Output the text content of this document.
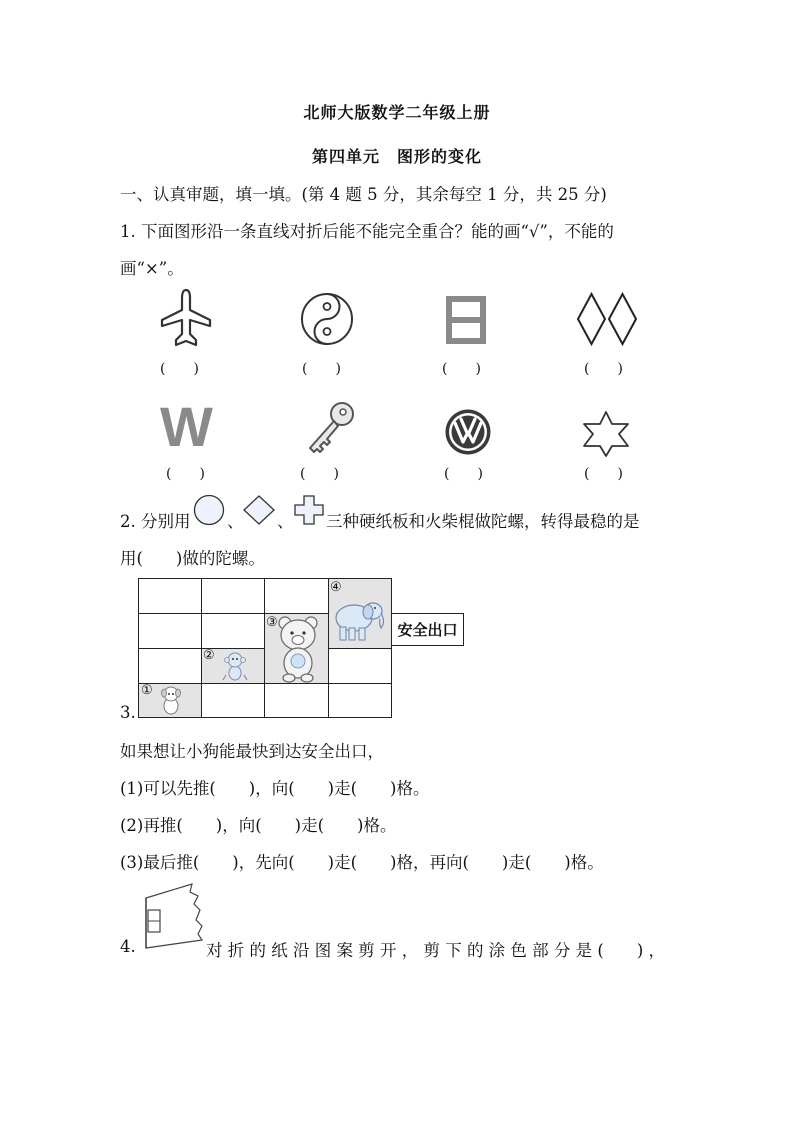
北师大版数学二年级上册
第四单元　图形的变化
一、认真审题，填一填。(第 4 题 5 分，其余每空 1 分，共 25 分)
1. 下面图形沿一条直线对折后能不能完全重合？能的画“√”，不能的
画“×”。
(　　)	(　　)	(　　)	(　　)
W
(　　)	(　　)	(　　)	(　　)
2. 分别用 、 、 三种硬纸板和火柴棍做陀螺，转得最稳的是
用(　　)做的陀螺。
①
②
③
④
安全出口
3.
如果想让小狗能最快到达安全出口，
(1)可以先推(　　)，向(　　)走(　　)格。
(2)再推(　　)，向(　　)走(　　)格。
(3)最后推(　　)，先向(　　)走(　　)格，再向(　　)走(　　)格。
4.	对 折 的 纸 沿 图 案 剪 开 ， 剪 下 的 涂 色 部 分 是 (　　) ，
